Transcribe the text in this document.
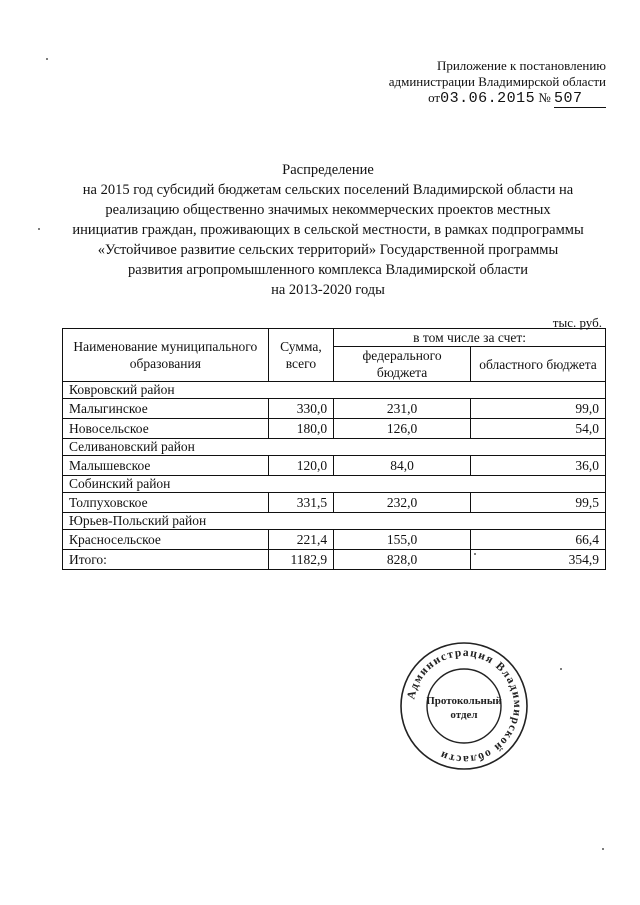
Приложение к постановлению
администрации Владимирской области
от03.06.2015 № 507
Распределение
на 2015 год субсидий бюджетам сельских поселений Владимирской области на
реализацию общественно значимых некоммерческих проектов местных
инициатив граждан, проживающих в сельской местности, в рамках подпрограммы
«Устойчивое развитие сельских территорий» Государственной программы
развития агропромышленного комплекса Владимирской области
на 2013-2020 годы
тыс. руб.
Наименование муниципального образования	Сумма, всего	в том числе за счет:	
		федерального бюджета	областного бюджета
Ковровский район			
Малыгинское	330,0	231,0	99,0
Новосельское	180,0	126,0	54,0
Селивановский район			
Малышевское	120,0	84,0	36,0
Собинский район			
Толпуховское	331,5	232,0	99,5
Юрьев-Польский район			
Красносельское	221,4	155,0	66,4
Итого:	1182,9	828,0	354,9
Администрация Владимирской области
Протокольный
отдел
